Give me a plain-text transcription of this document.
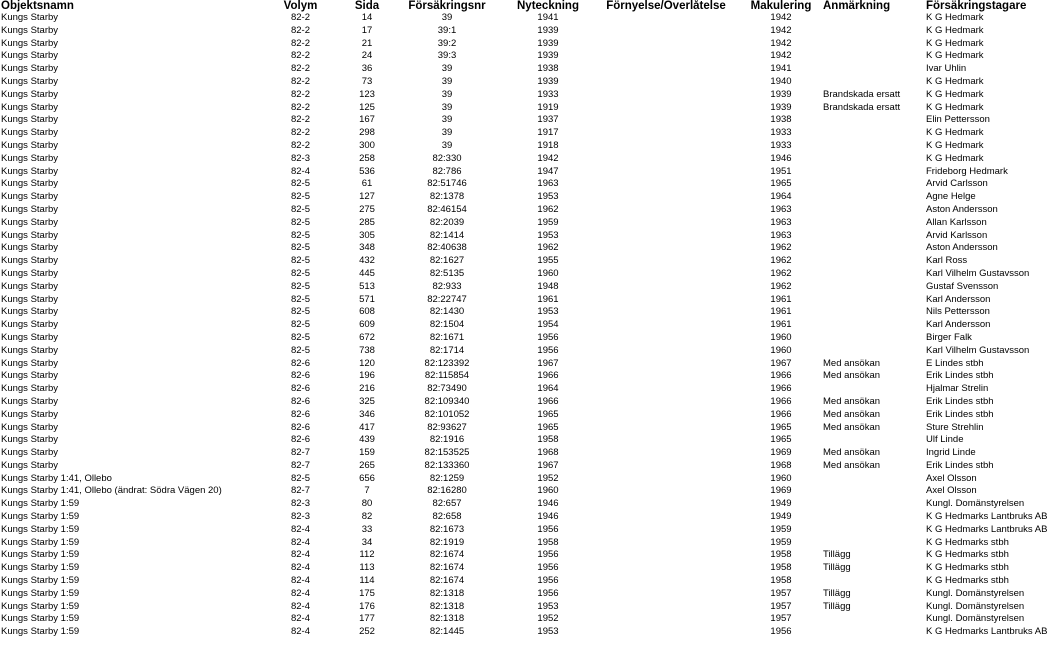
Objektsnamn	Volym	Sida	Försäkringsnr	Nyteckning	Förnyelse/Överlåtelse	Makulering	Anmärkning	Försäkringstagare
Kungs Starby	82-2	14	39	1941		1942		K G Hedmark
Kungs Starby	82-2	17	39:1	1939		1942		K G Hedmark
Kungs Starby	82-2	21	39:2	1939		1942		K G Hedmark
Kungs Starby	82-2	24	39:3	1939		1942		K G Hedmark
Kungs Starby	82-2	36	39	1938		1941		Ivar Uhlin
Kungs Starby	82-2	73	39	1939		1940		K G Hedmark
Kungs Starby	82-2	123	39	1933		1939	Brandskada ersatt	K G Hedmark
Kungs Starby	82-2	125	39	1919		1939	Brandskada ersatt	K G Hedmark
Kungs Starby	82-2	167	39	1937		1938		Elin Pettersson
Kungs Starby	82-2	298	39	1917		1933		K G Hedmark
Kungs Starby	82-2	300	39	1918		1933		K G Hedmark
Kungs Starby	82-3	258	82:330	1942		1946		K G Hedmark
Kungs Starby	82-4	536	82:786	1947		1951		Frideborg Hedmark
Kungs Starby	82-5	61	82:51746	1963		1965		Arvid Carlsson
Kungs Starby	82-5	127	82:1378	1953		1964		Agne Helge
Kungs Starby	82-5	275	82:46154	1962		1963		Aston Andersson
Kungs Starby	82-5	285	82:2039	1959		1963		Allan Karlsson
Kungs Starby	82-5	305	82:1414	1953		1963		Arvid Karlsson
Kungs Starby	82-5	348	82:40638	1962		1962		Aston Andersson
Kungs Starby	82-5	432	82:1627	1955		1962		Karl Ross
Kungs Starby	82-5	445	82:5135	1960		1962		Karl Vilhelm Gustavsson
Kungs Starby	82-5	513	82:933	1948		1962		Gustaf Svensson
Kungs Starby	82-5	571	82:22747	1961		1961		Karl Andersson
Kungs Starby	82-5	608	82:1430	1953		1961		Nils Pettersson
Kungs Starby	82-5	609	82:1504	1954		1961		Karl Andersson
Kungs Starby	82-5	672	82:1671	1956		1960		Birger Falk
Kungs Starby	82-5	738	82:1714	1956		1960		Karl Vilhelm Gustavsson
Kungs Starby	82-6	120	82:123392	1967		1967	Med ansökan	E Lindes stbh
Kungs Starby	82-6	196	82:115854	1966		1966	Med ansökan	Erik Lindes stbh
Kungs Starby	82-6	216	82:73490	1964		1966		Hjalmar Strelin
Kungs Starby	82-6	325	82:109340	1966		1966	Med ansökan	Erik Lindes stbh
Kungs Starby	82-6	346	82:101052	1965		1966	Med ansökan	Erik Lindes stbh
Kungs Starby	82-6	417	82:93627	1965		1965	Med ansökan	Sture Strehlin
Kungs Starby	82-6	439	82:1916	1958		1965		Ulf Linde
Kungs Starby	82-7	159	82:153525	1968		1969	Med ansökan	Ingrid Linde
Kungs Starby	82-7	265	82:133360	1967		1968	Med ansökan	Erik Lindes stbh
Kungs Starby 1:41, Ollebo	82-5	656	82:1259	1952		1960		Axel Olsson
Kungs Starby 1:41, Ollebo (ändrat: Södra Vägen 20)	82-7	7	82:16280	1960		1969		Axel Olsson
Kungs Starby 1:59	82-3	80	82:657	1946		1949		Kungl. Domänstyrelsen
Kungs Starby 1:59	82-3	82	82:658	1946		1949		K G Hedmarks Lantbruks AB
Kungs Starby 1:59	82-4	33	82:1673	1956		1959		K G Hedmarks Lantbruks AB
Kungs Starby 1:59	82-4	34	82:1919	1958		1959		K G Hedmarks stbh
Kungs Starby 1:59	82-4	112	82:1674	1956		1958	Tillägg	K G Hedmarks stbh
Kungs Starby 1:59	82-4	113	82:1674	1956		1958	Tillägg	K G Hedmarks stbh
Kungs Starby 1:59	82-4	114	82:1674	1956		1958		K G Hedmarks stbh
Kungs Starby 1:59	82-4	175	82:1318	1956		1957	Tillägg	Kungl. Domänstyrelsen
Kungs Starby 1:59	82-4	176	82:1318	1953		1957	Tillägg	Kungl. Domänstyrelsen
Kungs Starby 1:59	82-4	177	82:1318	1952		1957		Kungl. Domänstyrelsen
Kungs Starby 1:59	82-4	252	82:1445	1953		1956		K G Hedmarks Lantbruks AB
